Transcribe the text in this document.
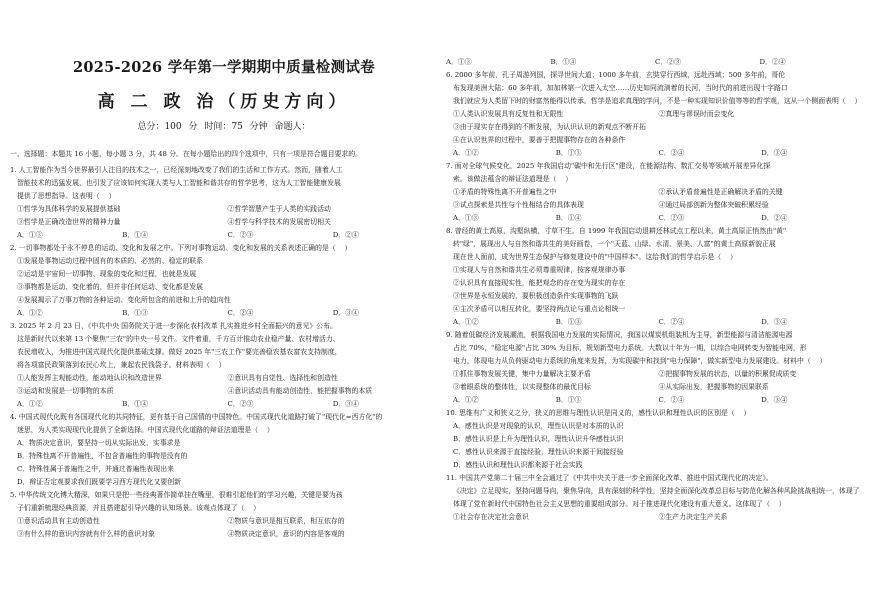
2025-2026 学年第一学期期中质量检测试卷
高 二 政 治（历史方向）
总分：100 分 时间：75 分钟 命题人：
一、选择题：本题共 16 小题，每小题 3 分，共 48 分。在每小题给出的四个选项中，只有一项是符合题目要求的。

1. 人工智能作为当今世界最引人注目的技术之一，已经深刻地改变了我们的生活和工作方式。然而，随着人工

智能技术的迅猛发展，也引发了应该如何实现人类与人工智能和谐共存的哲学思考，这为人工智能健康发展

提供了思想指导。这表明（    ）

①哲学为具体科学的发展提供基础	②哲学智慧产生于人类的实践活动
③哲学是正确改造世界的精神力量	④哲学与科学技术的发展密切相关
A．①③	B．①④	C．②③	D．②④

2. 一切事物都处于永不停息的运动、变化和发展之中。下列对事物运动、变化和发展的关系表述正确的是（    ）

①发展是事物运动过程中固有的本质的、必然的、稳定的联系

②运动是宇宙间一切事物、现象的变化和过程，也就是发展

③事物都是运动、变化着的，但并非任何运动、变化都是发展

④发展揭示了万事万物的各种运动、变化所包含的前进和上升的趋向性

A．①②	B．①③	C．②④	D．③④

3. 2025 年 2 月 23 日，《中共中央 国务院关于进一步深化农村改革 扎实推进乡村全面振兴的意见》公布。

这是新时代以来第 13 个聚焦"三农"的中央一号文件。文件着重，千方百计推动农业稳产量、农村增活力、

农民增收入，为推进中国式现代化提供基础支撑。做好 2025 年"三农工作"要完善稳农基农富农支持制度，

将各项富民政策落到农民心坎上，兼起农民钱袋子。材料表明（    ）

①人能发挥主观能动性，能动地认识和改造世界	②意识具有自觉性、选择性和创造性
③运动和发展是一切事物的本质	④意识活动具有能动创造性，能把握事物的本质
A．①②	B．①④	C．②③	D．③④

4. 中国式现代化既有各国现代化的共同特征，更有基于自己国情的中国特色。中国式现代化道路打破了"现代化=西方化"的

迷思，为人类实现现代化提供了全新选择。中国式现代化道路的辩证法道理是（    ）

A．物质决定意识，要坚持一切从实际出发、实事求是

B．特殊性离不开普遍性，不包含普遍性的事物是没有的

C．特殊性属于普遍性之中，并通过普遍性表现出来

D．辩证否定观要求我们既要学习西方现代化又要创新

5. 中华传统文化博大精深，如果只是把一些经典著作简单挂在嘴里，很难引起他们的学习兴趣，关键是要为孩

子们重新梳理经典资源，并且搭建起引导兴趣的认知场景。该观点体现了（    ）

①意识活动具有主动创造性	②物质与意识是相互联系，相互依存的
③有什么样的意识内容就有什么样的意识对象	④物质决定意识，意识的内容是客观的
A．①③	B．①④	C．②③	D．②④

6. 2000 多年前，孔子周游列国，探寻世间大道；1000 多年前，玄奘穿行西域，远赴西域；500 多年前，哥伦

布发现美洲大陆；60 多年前，加加林第一次进入太空……历史如同流淌着的长河，当时代的前进出现十字路口

我们就应为人类留下时的财富然能得以传承。哲学是追求真理的学问，不是一种实现知识价值等等的哲学观，这从一个侧面表明（    ）

①人类认识发展具有反复性和无限性	②真理与谬误时而会变化

③由于现实存在得到的不断发展，为认识认识的新观点不断开拓

④在认识世界的过程中，要善于把握事物存在的各种条件

A．①②	B．①③	C．②④	D．③④

7. 面对全球气候变化，2025 年我国启动"碳中和先行区"建设，在能源结构、数汇交易等领域开展差异化探

索。该做法蕴含的辩证法道理是（    ）

①矛盾的特殊性离不开普遍性之中	②承认矛盾普遍性是正确解决矛盾的关键
③试点探索是共性与个性相结合的具体表现	④通过局部创新为整体突破积累经验
A．①③	B．①④	C．②③	D．②④

8. 曾经的黄土高原，沟壑纵横，寸草不生。自 1999 年我国启动退耕还林试点工程以来，黄土高原正悄然由"黄"

转"绿"，展现出人与自然和谐共生的美好画卷，一个"天蓝、山绿、水清、景美、人富"的黄土高原新貌正展

现在世人面前，成为世界生态保护与修复建设中的"中国样本"。这给我们的哲学启示是（    ）

①实现人与自然和谐共生必须尊重规律，按客观规律办事

②认识具有直接现实性，能把观念的存在变为现实的存在

③世界是永恒发展的，要积极创造条件实现事物的飞跃

④主次矛盾可以相互转化，要坚持两点论与重点论相统一

A．①②	B．①③	C．②④	D．③④

9. 随着低碳经济发展潮流，根据我国电力发展的实际情况，我国以煤炭机组装机为主导，新型能源与清洁能源电源

占比 70%，"稳定电源"占比 30% 为目标，规划新型电力系统。大数以十年为一期，以综合电网转变为智能电网，形

电力，体现电力从负荷驱动电力系统的角度来发挥，为实现碳中和找到"电力保障"，做实新型电力发展建设。材料中（    ）

①抓住事物发展关键，集中力量解决主要矛盾	②把握事物发展的状态，以量的积累促成质变
③着眼系统的整体性，以实现整体的最优目标	④从实际出发，把握事物的因果联系
A．①②	B．①③	C．②④	D．③④

10. 思维有广义和狭义之分，狭义的思维与理性认识是同义的，感性认识和理性认识的区别是（    ）

A．感性认识是对现象的认识，理性认识是对本质的认识

B．感性认识是上升为理性认识，理性认识升华感性认识

C．感性认识来源于直接经验，理性认识来源于间接经验

D．感性认识和理性认识都来源于社会实践

11. 中国共产党第二十届三中全会通过了《中共中央关于进一步全面深化改革、推进中国式现代化的决定》。

《决定》立足现实，坚持问题导向，聚焦导向，具有深刻的科学性，坚持全面深化改革总目标与防范化解各种风险挑战相统一，体现了

体现了党在新时代中国特色社会主义思想的重要组成部分。对于推进现代化建设有重大意义。这体现了（    ）

①社会存在决定社会意识	②生产力决定生产关系
